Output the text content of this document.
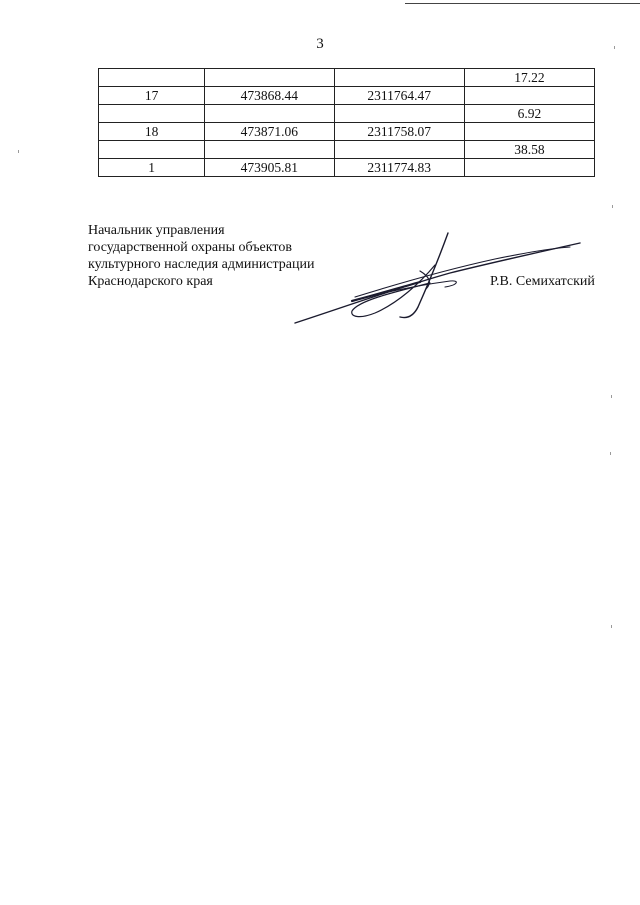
3
			17.22
17	473868.44	2311764.47	
			6.92
18	473871.06	2311758.07	
			38.58
1	473905.81	2311774.83	
Начальник управления
государственной охраны объектов
культурного наследия администрации
Краснодарского края	Р.В. Семихатский
